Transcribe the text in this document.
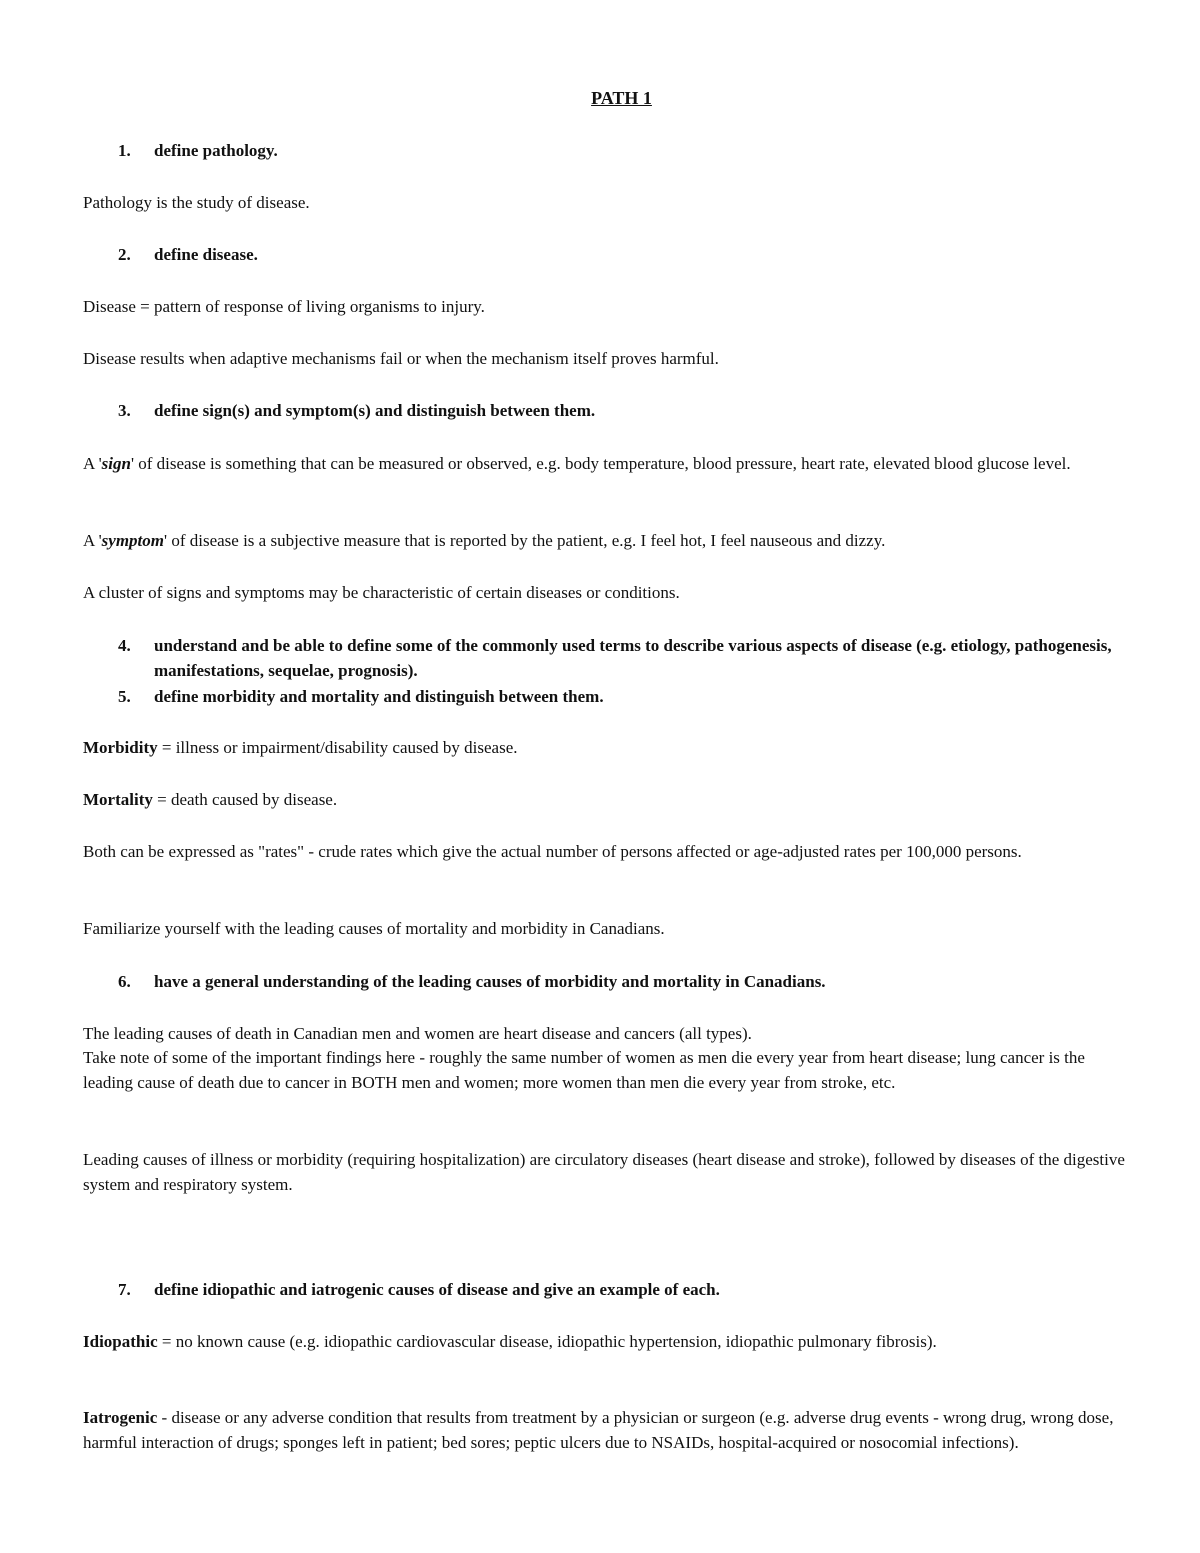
PATH 1
1.	define pathology.
Pathology is the study of disease.
2.	define disease.
Disease = pattern of response of living organisms to injury.
Disease results when adaptive mechanisms fail or when the mechanism itself proves harmful.
3.	define sign(s) and symptom(s) and distinguish between them.
A 'sign' of disease is something that can be measured or observed, e.g. body temperature, blood pressure, heart rate, elevated blood glucose level.
A 'symptom' of disease is a subjective measure that is reported by the patient, e.g. I feel hot, I feel nauseous and dizzy.
A cluster of signs and symptoms may be characteristic of certain diseases or conditions.
4.	understand and be able to define some of the commonly used terms to describe various aspects of disease (e.g. etiology, pathogenesis, manifestations, sequelae, prognosis).
5.	define morbidity and mortality and distinguish between them.
Morbidity = illness or impairment/disability caused by disease.
Mortality = death caused by disease.
Both can be expressed as "rates" - crude rates which give the actual number of persons affected or age-adjusted rates per 100,000 persons.
Familiarize yourself with the leading causes of mortality and morbidity in Canadians.
6.	have a general understanding of the leading causes of morbidity and mortality in Canadians.
The leading causes of death in Canadian men and women are heart disease and cancers (all types).
Take note of some of the important findings here - roughly the same number of women as men die every year from heart disease; lung cancer is the leading cause of death due to cancer in BOTH men and women; more women than men die every year from stroke, etc.
Leading causes of illness or morbidity (requiring hospitalization) are circulatory diseases (heart disease and stroke), followed by diseases of the digestive system and respiratory system.
7.	define idiopathic and iatrogenic causes of disease and give an example of each.
Idiopathic = no known cause (e.g. idiopathic cardiovascular disease, idiopathic hypertension, idiopathic pulmonary fibrosis).
Iatrogenic - disease or any adverse condition that results from treatment by a physician or surgeon (e.g. adverse drug events - wrong drug, wrong dose, harmful interaction of drugs; sponges left in patient; bed sores; peptic ulcers due to NSAIDs, hospital-acquired or nosocomial infections).
